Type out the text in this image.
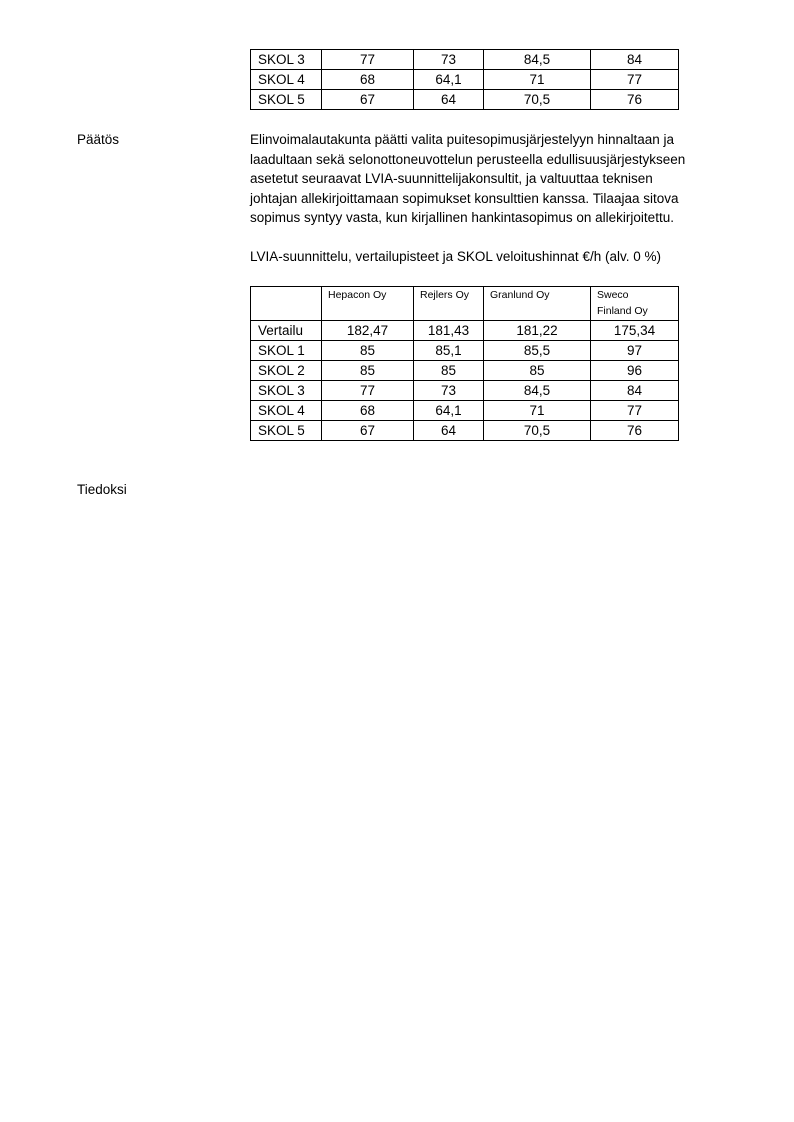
SKOL 3	77	73	84,5	84
SKOL 4	68	64,1	71	77
SKOL 5	67	64	70,5	76
Päätös	Elinvoimalautakunta päätti valita puitesopimusjärjestelyyn hinnaltaan ja

laadultaan sekä selonottoneuvottelun perusteella edullisuusjärjestykseen

asetetut seuraavat LVIA-suunnittelijakonsultit, ja valtuuttaa teknisen

johtajan allekirjoittamaan sopimukset konsulttien kanssa. Tilaajaa sitova

sopimus syntyy vasta, kun kirjallinen hankintasopimus on allekirjoitettu.

LVIA-suunnittelu, vertailupisteet ja SKOL veloitushinnat €/h (alv. 0 %)
	Hepacon Oy	Rejlers Oy	Granlund Oy	Sweco Finland Oy
Vertailu	182,47	181,43	181,22	175,34
SKOL 1	85	85,1	85,5	97
SKOL 2	85	85	85	96
SKOL 3	77	73	84,5	84
SKOL 4	68	64,1	71	77
SKOL 5	67	64	70,5	76
Tiedoksi
